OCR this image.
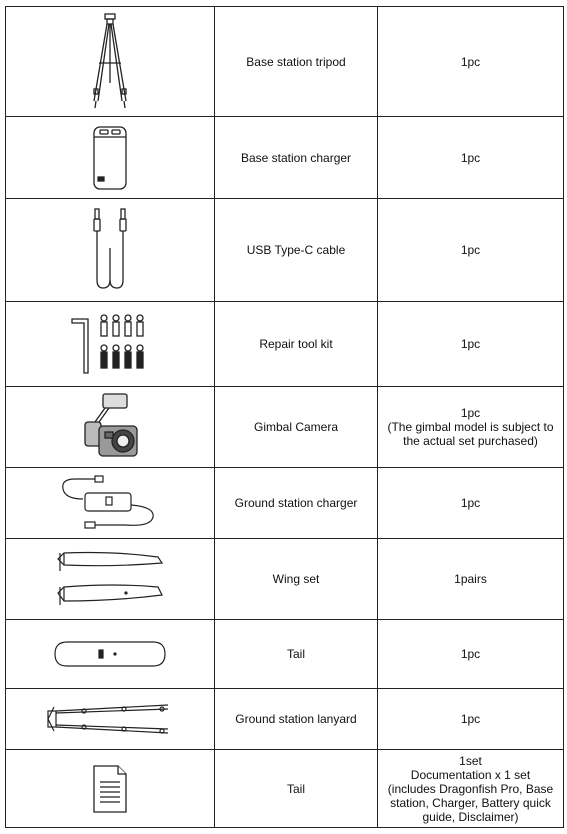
	Base station tripod	1pc

	Base station charger	1pc

	USB Type-C cable	1pc

	Repair tool kit	1pc

	Gimbal Camera	1pc
(The gimbal model is subject to the actual set purchased)

	Ground station charger	1pc

	Wing set	1pairs

	Tail	1pc

	Ground station lanyard	1pc

	Tail	1set
Documentation x 1 set (includes Dragonfish Pro, Base station, Charger, Battery quick guide, Disclaimer)
